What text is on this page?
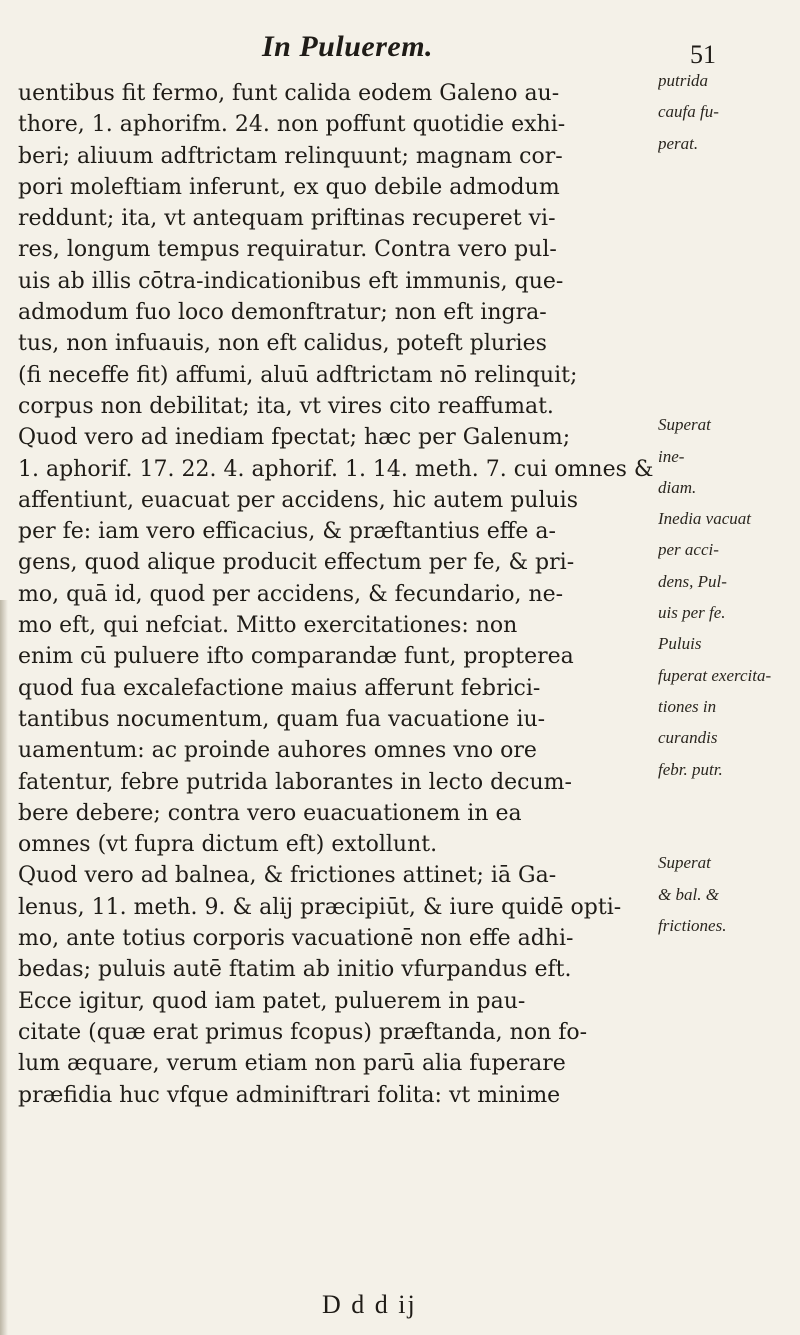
In Puluerem.	51
uentibus fit fermo, funt calida eodem Galeno au-
putrida
thore, 1. aphorifm. 24. non poffunt quotidie exhi-
caufa fu-
beri; aliuum adftrictam relinquunt; magnam cor-
perat.
pori moleftiam inferunt, ex quo debile admodum
reddunt; ita, vt antequam priftinas recuperet vi-
res, longum tempus requiratur. Contra vero pul-
uis ab illis cōtra-indicationibus eft immunis, que-
admodum fuo loco demonftratur; non eft ingra-
tus, non infuauis, non eft calidus, poteft pluries
(fi neceffe fit) affumi, aluū adftrictam nō relinquit;
corpus non debilitat; ita, vt vires cito reaffumat.
Quod vero ad inediam fpectat; hæc per Galenum;
Superat
1. aphorif. 17. 22. 4. aphorif. 1. 14. meth. 7. cui omnes &
ine-
affentiunt, euacuat per accidens, hic autem puluis
diam.
per fe: iam vero efficacius, & præftantius effe a-
Inedia vacuat
gens, quod alique producit effectum per fe, & pri-
per acci-
mo, quā id, quod per accidens, & fecundario, ne-
dens, Pul-
mo eft, qui nefciat. Mitto exercitationes: non
uis per fe.
enim cū puluere ifto comparandæ funt, propterea
Puluis
quod fua excalefactione maius afferunt febrici-
fuperat exercita-
tantibus nocumentum, quam fua vacuatione iu-
tiones in
uamentum: ac proinde auhores omnes vno ore
curandis
fatentur, febre putrida laborantes in lecto decum-
febr. putr.
bere debere; contra vero euacuationem in ea
omnes (vt fupra dictum eft) extollunt.
Quod vero ad balnea, & frictiones attinet; iā Ga-
Superat
lenus, 11. meth. 9. & alij præcipiūt, & iure quidē opti-
& bal. &
mo, ante totius corporis vacuationē non effe adhi-
frictiones.
bedas; puluis autē ftatim ab initio vfurpandus eft.
Ecce igitur, quod iam patet, puluerem in pau-
citate (quæ erat primus fcopus) præftanda, non fo-
lum æquare, verum etiam non parū alia fuperare
præfidia huc vfque adminiftrari folita: vt minime
D d d ij
